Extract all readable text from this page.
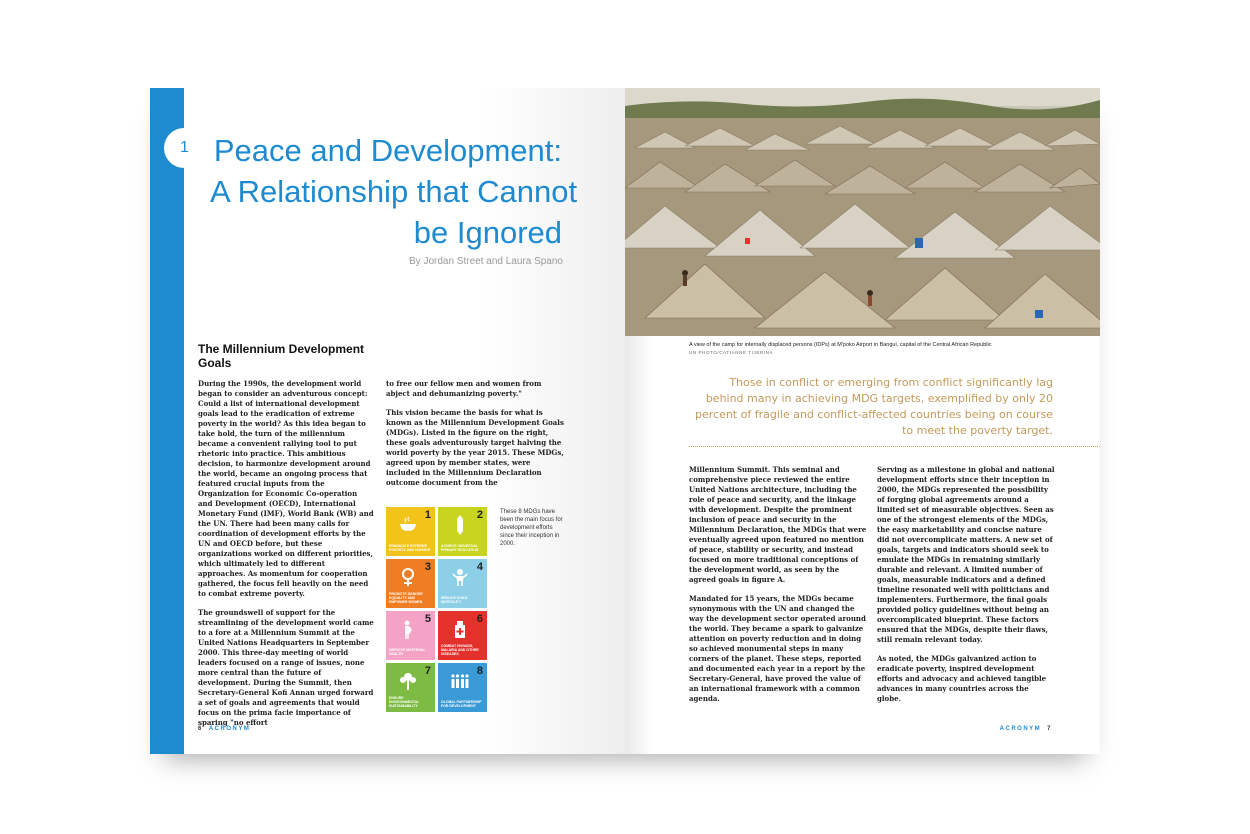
1 Peace and Development:
A Relationship that Cannot
be Ignored
By Jordan Street and Laura Spano
The Millennium Development Goals

During the 1990s, the development world began to consider an adventurous concept: Could a list of international development goals lead to the eradication of extreme poverty in the world? As this idea began to take hold, the turn of the millennium became a convenient rallying tool to put rhetoric into practice. This ambitious decision, to harmonize development around the world, became an ongoing process that featured crucial inputs from the Organization for Economic Co-operation and Development (OECD), International Monetary Fund (IMF), World Bank (WB) and the UN. There had been many calls for coordination of development efforts by the UN and OECD before, but these organizations worked on different priorities, which ultimately led to different approaches. As momentum for cooperation gathered, the focus fell heavily on the need to combat extreme poverty.

The groundswell of support for the streamlining of the development world came to a fore at a Millennium Summit at the United Nations Headquarters in September 2000. This three-day meeting of world leaders focused on a range of issues, none more central than the future of development. During the Summit, then Secretary-General Kofi Annan urged forward a set of goals and agreements that would focus on the prima facie importance of sparing "no effort

to free our fellow men and women from abject and dehumanizing poverty."

This vision became the basis for what is known as the Millennium Development Goals (MDGs). Listed in the figure on the right, these goals adventurously target halving the world poverty by the year 2015. These MDGs, agreed upon by member states, were included in the Millennium Declaration outcome document from the

1
ERADICATE EXTREME POVERTY AND HUNGER
2
ACHIEVE UNIVERSAL PRIMARY EDUCATION
3
PROMOTE GENDER EQUALITY AND EMPOWER WOMEN
4
REDUCE CHILD MORTALITY
5
IMPROVE MATERNAL HEALTH
6
COMBAT HIV/AIDS, MALARIA AND OTHER DISEASES
7
ENSURE ENVIRONMENTAL SUSTAINABILITY
8
GLOBAL PARTNERSHIP FOR DEVELOPMENT
These 8 MDGs have been the main focus for development efforts since their inception in 2000.
6 ACRONYM
A view of the camp for internally displaced persons (IDPs) at M'poko Airport in Bangui, capital of the Central African Republic
UN PHOTO/CATIANNE TIJERINA
Those in conflict or emerging from conflict significantly lag behind many in achieving MDG targets, exemplified by only 20 percent of fragile and conflict-affected countries being on course to meet the poverty target.

Millennium Summit. This seminal and comprehensive piece reviewed the entire United Nations architecture, including the role of peace and security, and the linkage with development. Despite the prominent inclusion of peace and security in the Millennium Declaration, the MDGs that were eventually agreed upon featured no mention of peace, stability or security, and instead focused on more traditional conceptions of the development world, as seen by the agreed goals in figure A.

Mandated for 15 years, the MDGs became synonymous with the UN and changed the way the development sector operated around the world. They became a spark to galvanize attention on poverty reduction and in doing so achieved monumental steps in many corners of the planet. These steps, reported and documented each year in a report by the Secretary-General, have proved the value of an international framework with a common agenda.

Serving as a milestone in global and national development efforts since their inception in 2000, the MDGs represented the possibility of forging global agreements around a limited set of measurable objectives. Seen as one of the strongest elements of the MDGs, the easy marketability and concise nature did not overcomplicate matters. A new set of goals, targets and indicators should seek to emulate the MDGs in remaining similarly durable and relevant. A limited number of goals, measurable indicators and a defined timeline resonated well with politicians and implementers. Furthermore, the final goals provided policy guidelines without being an overcomplicated blueprint. These factors ensured that the MDGs, despite their flaws, still remain relevant today.

As noted, the MDGs galvanized action to eradicate poverty, inspired development efforts and advocacy and achieved tangible advances in many countries across the globe.

ACRONYM 7
